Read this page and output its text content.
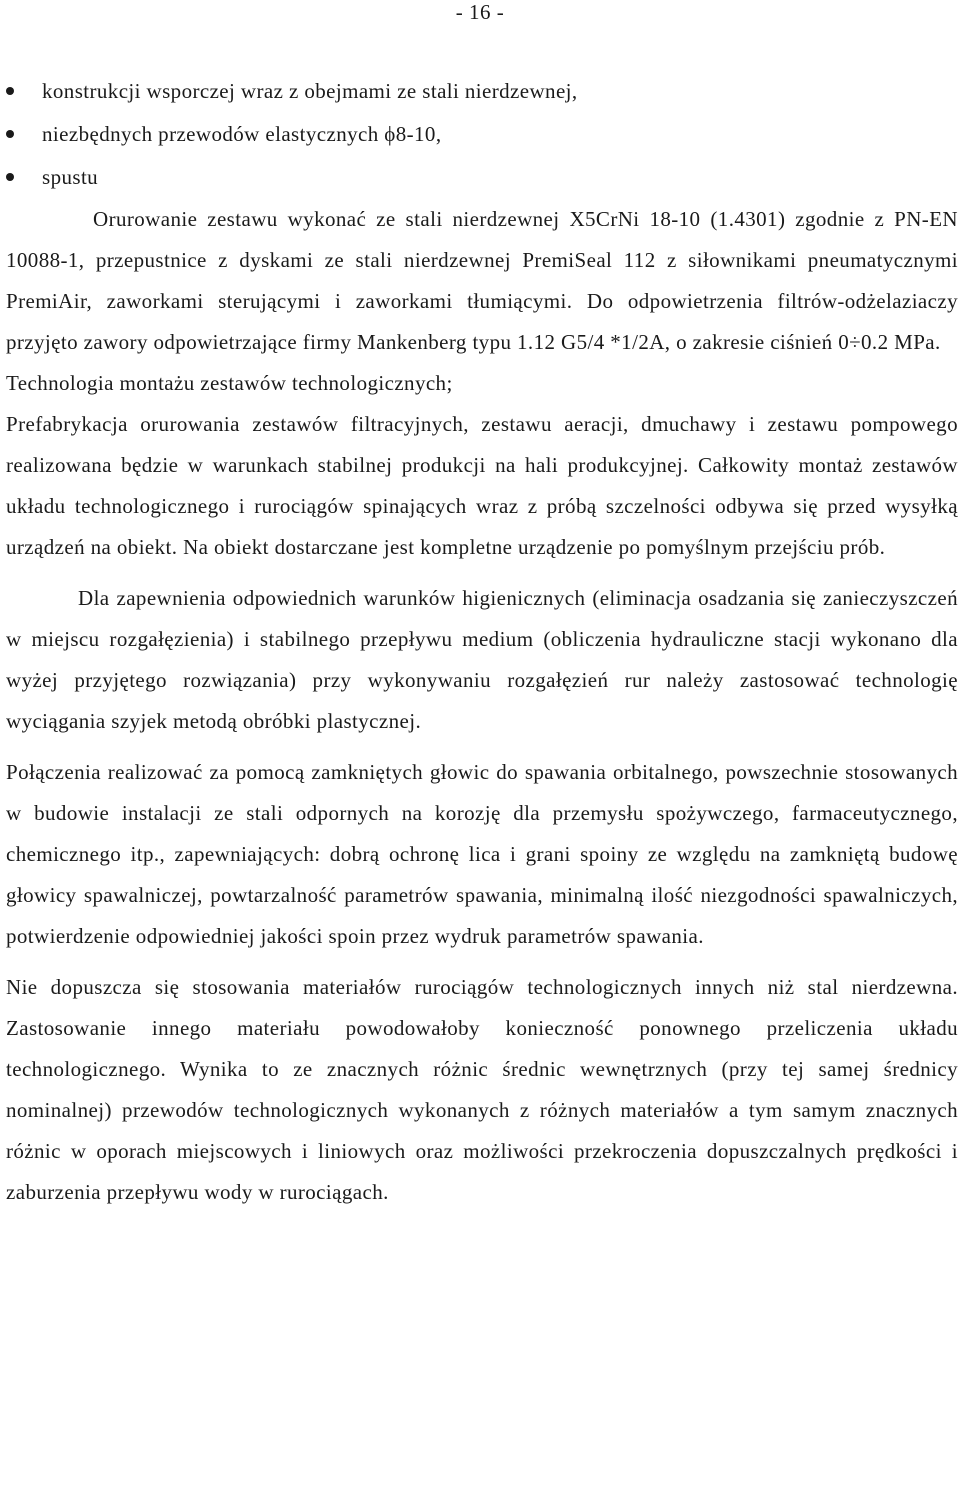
- 16 -
konstrukcji wsporczej wraz z obejmami ze stali nierdzewnej,
niezbędnych przewodów elastycznych ϕ8-10,
spustu

Orurowanie zestawu wykonać ze stali nierdzewnej X5CrNi 18-10 (1.4301) zgodnie z PN-EN 10088-1, przepustnice z dyskami ze stali nierdzewnej PremiSeal 112 z siłownikami pneumatycznymi PremiAir, zaworkami sterującymi i zaworkami tłumiącymi. Do odpowietrzenia filtrów-odżelaziaczy przyjęto zawory odpowietrzające firmy Mankenberg typu 1.12 G5/4 *1/2A, o zakresie ciśnień 0÷0.2 MPa.

Technologia montażu zestawów technologicznych;

Prefabrykacja orurowania zestawów filtracyjnych, zestawu aeracji, dmuchawy i zestawu pompowego realizowana będzie w warunkach stabilnej produkcji na hali produkcyjnej. Całkowity montaż zestawów układu technologicznego i rurociągów spinających wraz z próbą szczelności odbywa się przed wysyłką urządzeń na obiekt. Na obiekt dostarczane jest kompletne urządzenie po pomyślnym przejściu prób.

Dla zapewnienia odpowiednich warunków higienicznych (eliminacja osadzania się zanieczyszczeń w miejscu rozgałęzienia) i stabilnego przepływu medium (obliczenia hydrauliczne stacji wykonano dla wyżej przyjętego rozwiązania) przy wykonywaniu rozgałęzień rur należy zastosować technologię wyciągania szyjek metodą obróbki plastycznej.

Połączenia realizować za pomocą zamkniętych głowic do spawania orbitalnego, powszechnie stosowanych w budowie instalacji ze stali odpornych na korozję dla przemysłu spożywczego, farmaceutycznego, chemicznego itp., zapewniających: dobrą ochronę lica i grani spoiny ze względu na zamkniętą budowę głowicy spawalniczej, powtarzalność parametrów spawania, minimalną ilość niezgodności spawalniczych, potwierdzenie odpowiedniej jakości spoin przez wydruk parametrów spawania.

Nie dopuszcza się stosowania materiałów rurociągów technologicznych innych niż stal nierdzewna. Zastosowanie innego materiału powodowałoby konieczność ponownego przeliczenia układu technologicznego. Wynika to ze znacznych różnic średnic wewnętrznych (przy tej samej średnicy nominalnej) przewodów technologicznych wykonanych z różnych materiałów a tym samym znacznych różnic w oporach miejscowych i liniowych oraz możliwości przekroczenia dopuszczalnych prędkości i zaburzenia przepływu wody w rurociągach.
